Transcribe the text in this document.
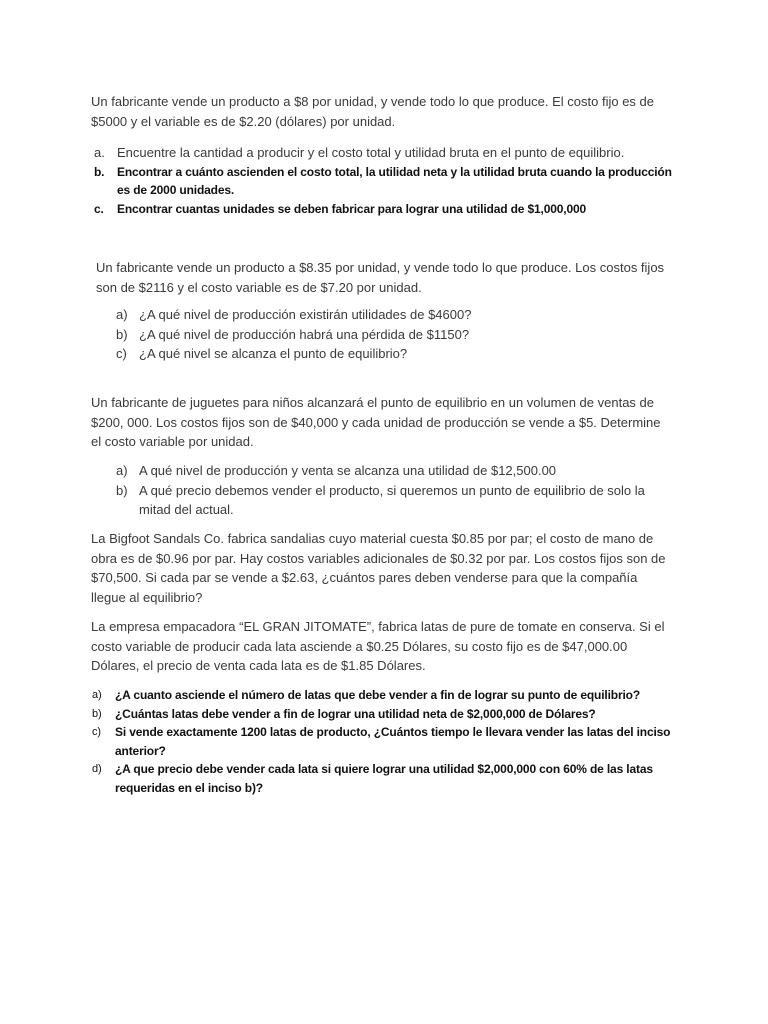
Un fabricante vende un producto a $8 por unidad, y vende todo lo que produce. El costo fijo es de $5000 y el variable es de $2.20 (dólares) por unidad.

a. Encuentre la cantidad a producir y el costo total y utilidad bruta en el punto de equilibrio.
b. Encontrar a cuánto ascienden el costo total, la utilidad neta y la utilidad bruta cuando la producción es de 2000 unidades.
c. Encontrar cuantas unidades se deben fabricar para lograr una utilidad de $1,000,000

Un fabricante vende un producto a $8.35 por unidad, y vende todo lo que produce. Los costos fijos son de $2116 y el costo variable es de $7.20 por unidad.

a) ¿A qué nivel de producción existirán utilidades de $4600?
b) ¿A qué nivel de producción habrá una pérdida de $1150?
c) ¿A qué nivel se alcanza el punto de equilibrio?

Un fabricante de juguetes para niños alcanzará el punto de equilibrio en un volumen de ventas de $200, 000. Los costos fijos son de $40,000 y cada unidad de producción se vende a $5. Determine el costo variable por unidad.

a) A qué nivel de producción y venta se alcanza una utilidad de $12,500.00
b) A qué precio debemos vender el producto, si queremos un punto de equilibrio de solo la mitad del actual.

La Bigfoot Sandals Co. fabrica sandalias cuyo material cuesta $0.85 por par; el costo de mano de obra es de $0.96 por par. Hay costos variables adicionales de $0.32 por par. Los costos fijos son de $70,500. Si cada par se vende a $2.63, ¿cuántos pares deben venderse para que la compañía llegue al equilibrio?

La empresa empacadora “EL GRAN JITOMATE”, fabrica latas de pure de tomate en conserva. Si el costo variable de producir cada lata asciende a $0.25 Dólares, su costo fijo es de $47,000.00 Dólares, el precio de venta cada lata es de $1.85 Dólares.

a) ¿A cuanto asciende el número de latas que debe vender a fin de lograr su punto de equilibrio?
b) ¿Cuántas latas debe vender a fin de lograr una utilidad neta de $2,000,000 de Dólares?
c) Si vende exactamente 1200 latas de producto, ¿Cuántos tiempo le llevara vender las latas del inciso anterior?
d) ¿A que precio debe vender cada lata si quiere lograr una utilidad $2,000,000 con 60% de las latas requeridas en el inciso b)?
